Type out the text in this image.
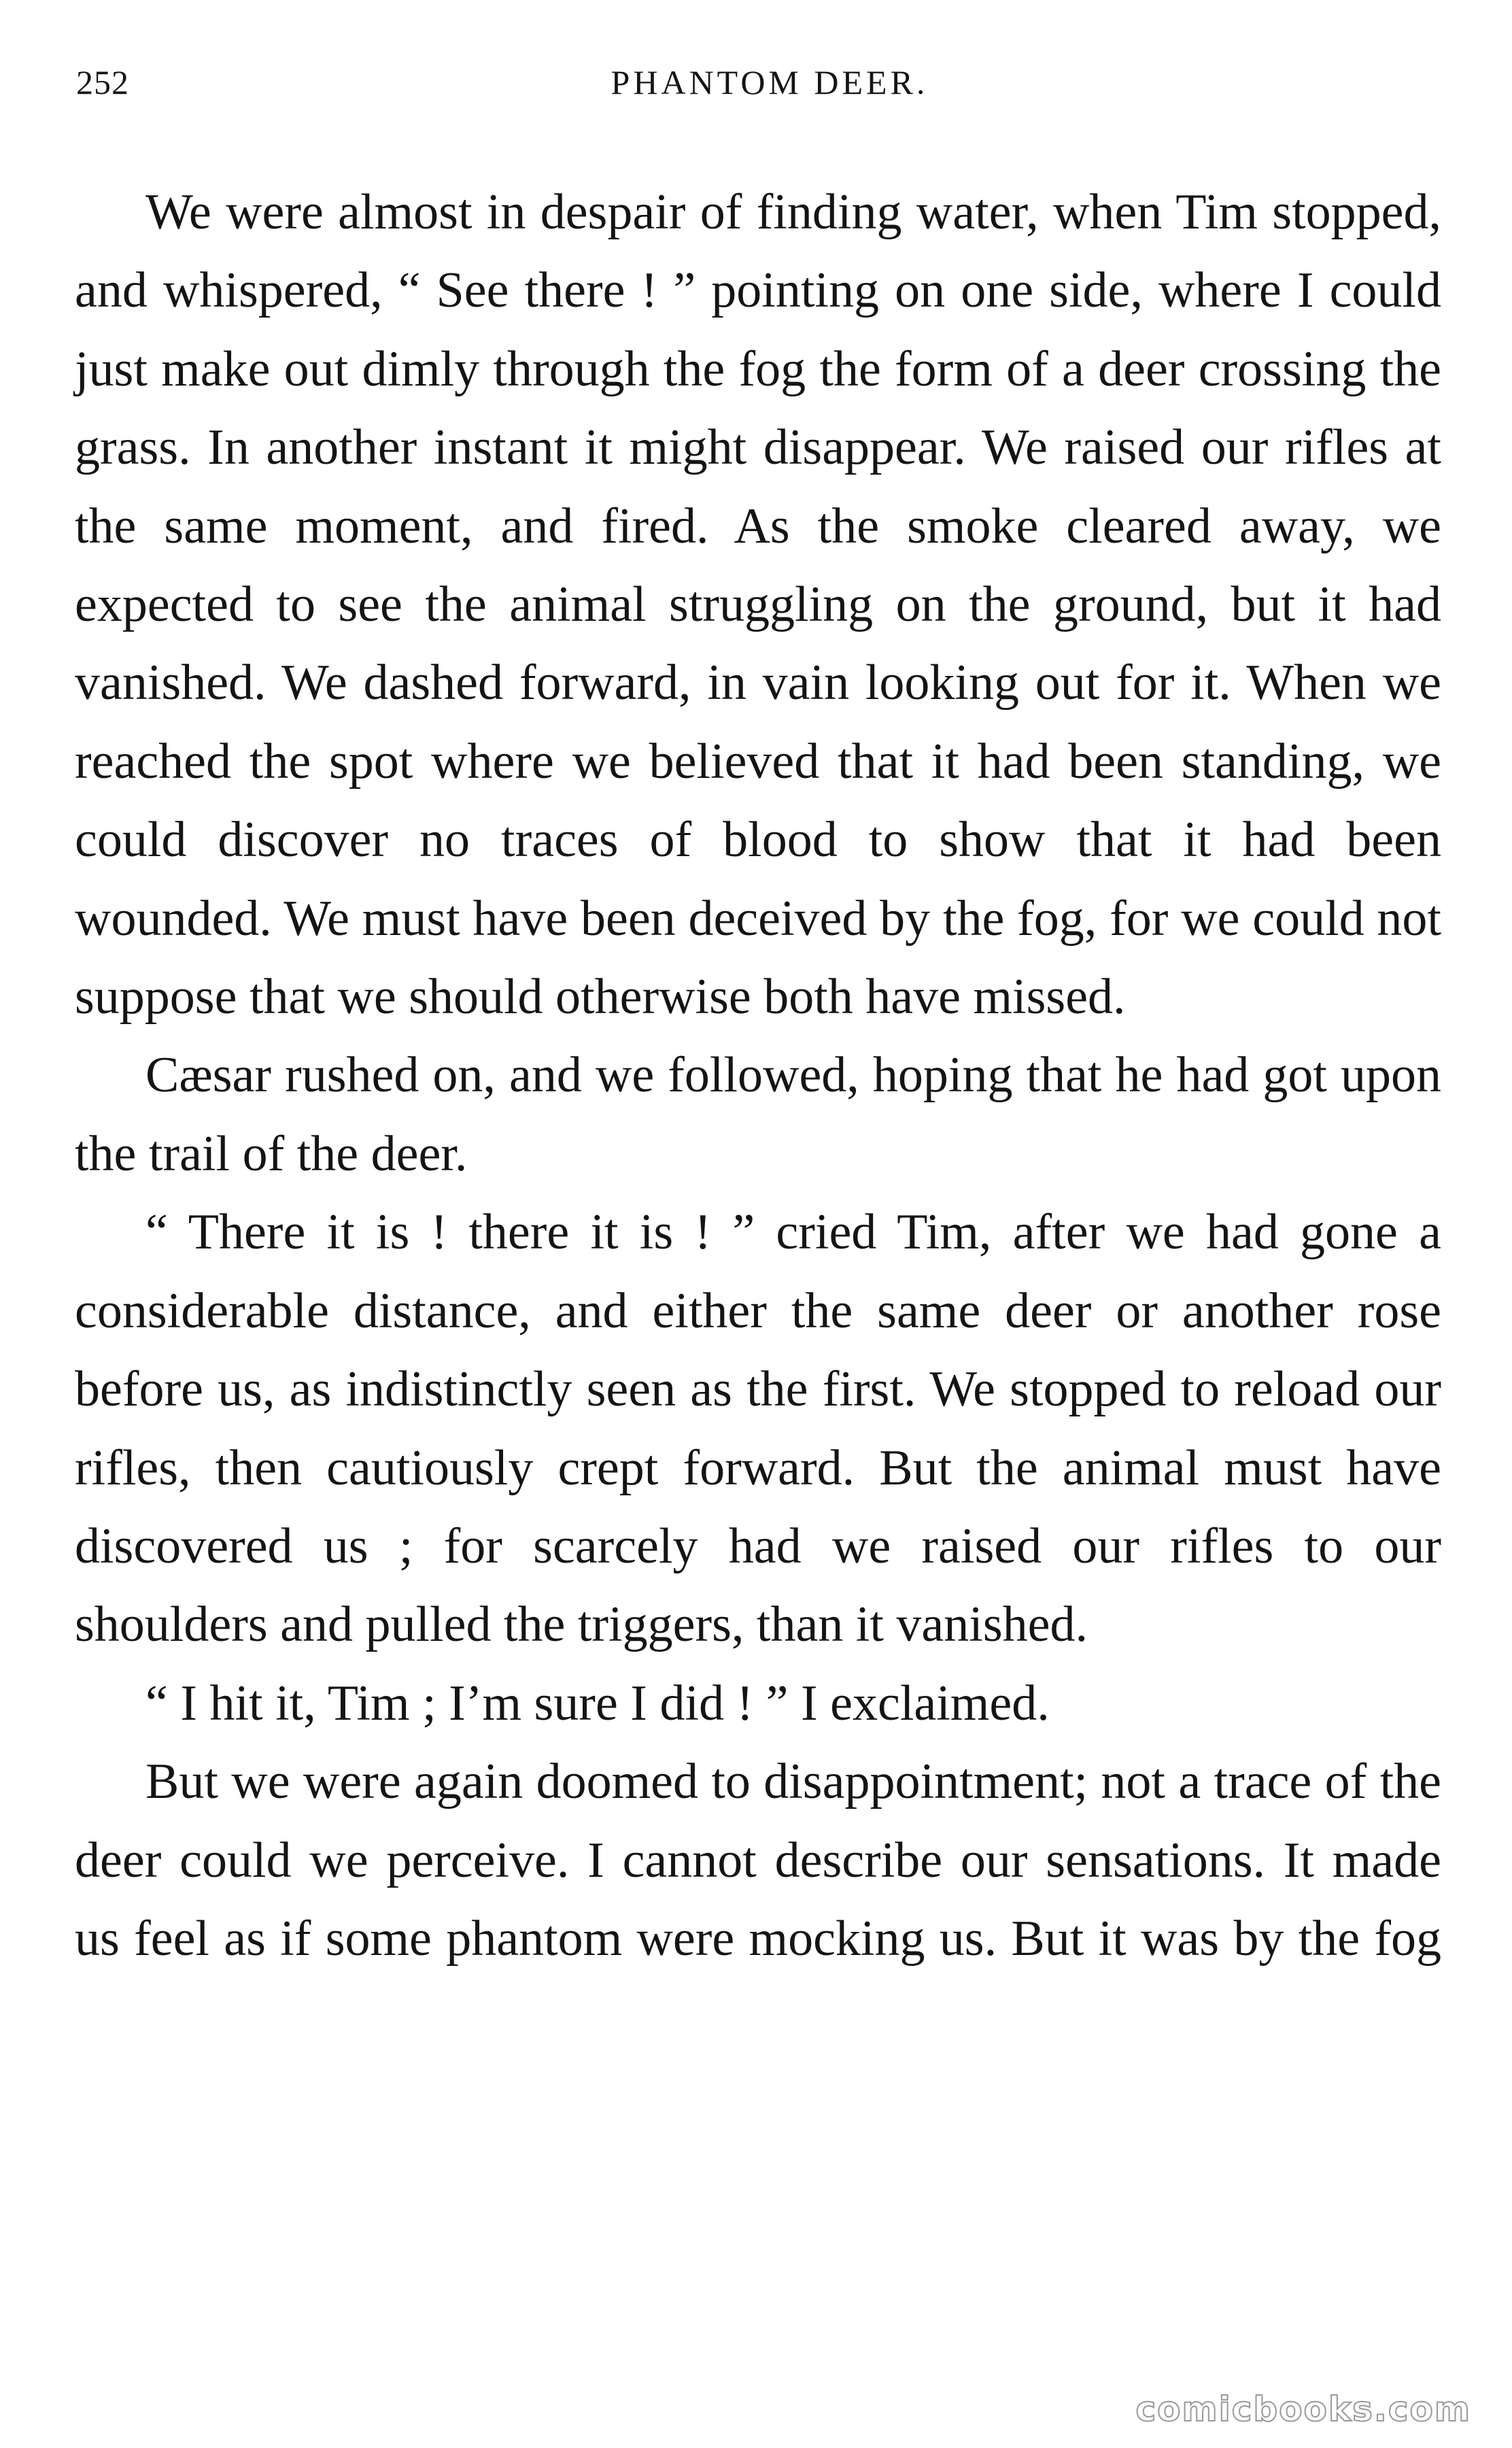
252	PHANTOM DEER.

We were almost in despair of finding water, when Tim stopped, and whispered, “ See there ! ” pointing on one side, where I could just make out dimly through the fog the form of a deer crossing the grass. In another instant it might disappear. We raised our rifles at the same moment, and fired. As the smoke cleared away, we expected to see the animal struggling on the ground, but it had vanished. We dashed forward, in vain looking out for it. When we reached the spot where we believed that it had been standing, we could discover no traces of blood to show that it had been wounded. We must have been deceived by the fog, for we could not suppose that we should otherwise both have missed.

Cæsar rushed on, and we followed, hoping that he had got upon the trail of the deer.

“ There it is ! there it is ! ” cried Tim, after we had gone a considerable distance, and either the same deer or another rose before us, as indistinctly seen as the first. We stopped to reload our rifles, then cautiously crept forward. But the animal must have discovered us ; for scarcely had we raised our rifles to our shoulders and pulled the triggers, than it vanished.

“ I hit it, Tim ; I’m sure I did ! ” I exclaimed.

But we were again doomed to disappointment; not a trace of the deer could we perceive. I cannot describe our sensations. It made us feel as if some phantom were mocking us. But it was by the fog

comicbooks.com
